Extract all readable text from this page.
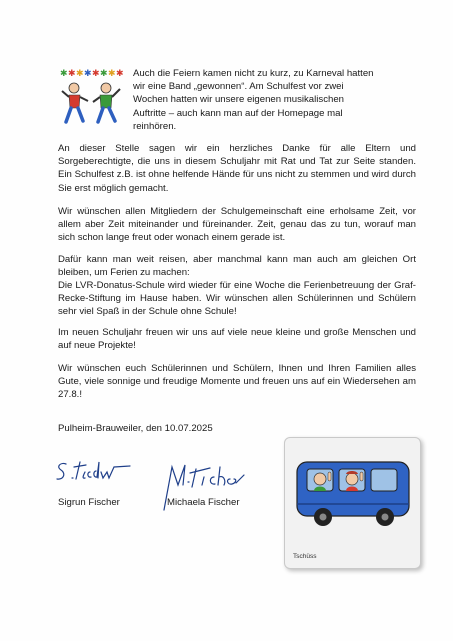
✱ ✱ ✱ ✱ ✱ ✱ ✱ ✱ Auch die Feiern kamen nicht zu kurz, zu Karneval hatten
wir eine Band „gewonnen“. Am Schulfest vor zwei
Wochen hatten wir unsere eigenen musikalischen
Auftritte – auch kann man auf der Homepage mal
reinhören.

An dieser Stelle sagen wir ein herzliches Danke für alle Eltern und Sorgeberechtigte, die uns in diesem Schuljahr mit Rat und Tat zur Seite standen. Ein Schulfest z.B. ist ohne helfende Hände für uns nicht zu stemmen und wird durch Sie erst möglich gemacht.

Wir wünschen allen Mitgliedern der Schulgemeinschaft eine erholsame Zeit, vor allem aber Zeit miteinander und füreinander. Zeit, genau das zu tun, worauf man sich schon lange freut oder wonach einem gerade ist.

Dafür kann man weit reisen, aber manchmal kann man auch am gleichen Ort bleiben, um Ferien zu machen:

Die LVR-Donatus-Schule wird wieder für eine Woche die Ferienbetreuung der Graf-Recke-Stiftung im Hause haben. Wir wünschen allen Schülerinnen und Schülern sehr viel Spaß in der Schule ohne Schule!

Im neuen Schuljahr freuen wir uns auf viele neue kleine und große Menschen und auf neue Projekte!

Wir wünschen euch Schülerinnen und Schülern, Ihnen und Ihren Familien alles Gute, viele sonnige und freudige Momente und freuen uns auf ein Wiedersehen am 27.8.!

Pulheim-Brauweiler, den 10.07.2025

Sigrun Fischer	Michaela Fischer

Tschüss
